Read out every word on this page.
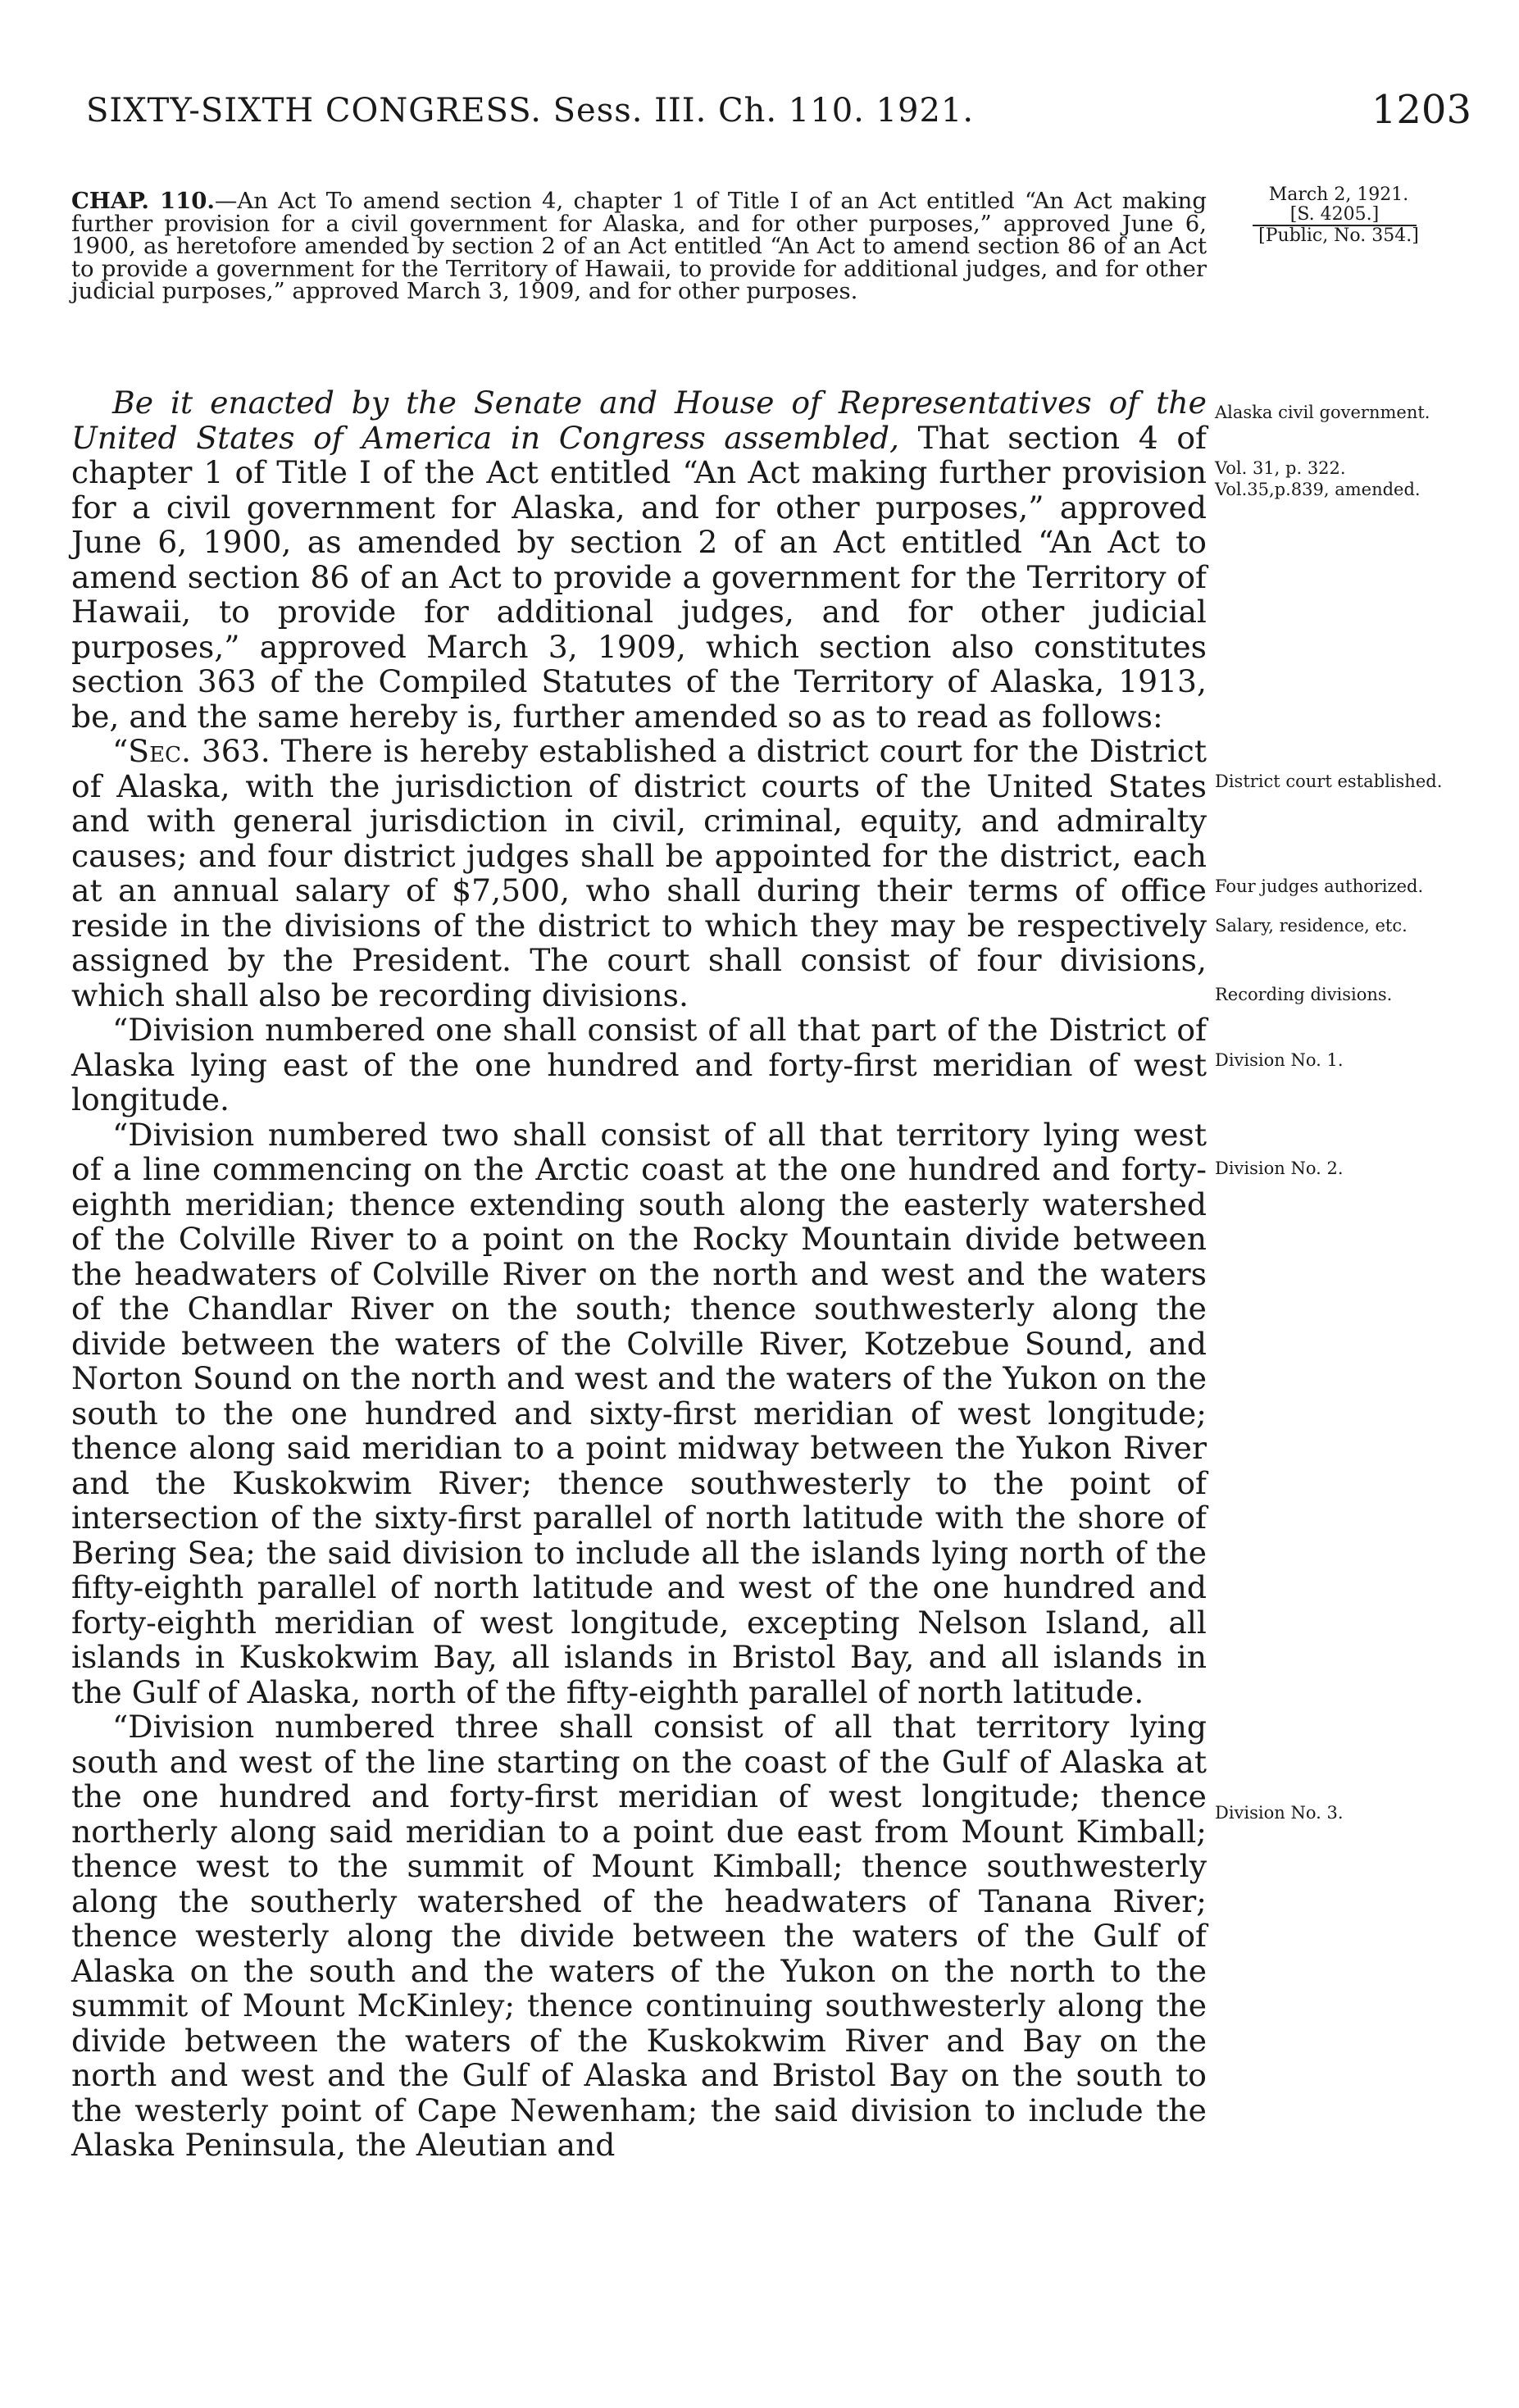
SIXTY-SIXTH CONGRESS. Sess. III. Ch. 110. 1921.	1203
CHAP. 110.—An Act To amend section 4, chapter 1 of Title I of an Act entitled “An Act making further provision for a civil government for Alaska, and for other purposes,” approved June 6, 1900, as heretofore amended by section 2 of an Act entitled “An Act to amend section 86 of an Act to provide a government for the Territory of Hawaii, to provide for additional judges, and for other judicial purposes,” approved March 3, 1909, and for other purposes.
March 2, 1921.
[S. 4205.]
[Public, No. 354.]

Be it enacted by the Senate and House of Representatives of the United States of America in Congress assembled, That section 4 of chapter 1 of Title I of the Act entitled “An Act making further provision for a civil government for Alaska, and for other purposes,” approved June 6, 1900, as amended by section 2 of an Act entitled “An Act to amend section 86 of an Act to provide a government for the Territory of Hawaii, to provide for additional judges, and for other judicial purposes,” approved March 3, 1909, which section also constitutes section 363 of the Compiled Statutes of the Territory of Alaska, 1913, be, and the same hereby is, further amended so as to read as follows:

“Sec. 363. There is hereby established a district court for the District of Alaska, with the jurisdiction of district courts of the United States and with general jurisdiction in civil, criminal, equity, and admiralty causes; and four district judges shall be appointed for the district, each at an annual salary of $7,500, who shall during their terms of office reside in the divisions of the district to which they may be respectively assigned by the President. The court shall consist of four divisions, which shall also be recording divisions.

“Division numbered one shall consist of all that part of the District of Alaska lying east of the one hundred and forty-first meridian of west longitude.

“Division numbered two shall consist of all that territory lying west of a line commencing on the Arctic coast at the one hundred and forty-eighth meridian; thence extending south along the easterly watershed of the Colville River to a point on the Rocky Mountain divide between the headwaters of Colville River on the north and west and the waters of the Chandlar River on the south; thence southwesterly along the divide between the waters of the Colville River, Kotzebue Sound, and Norton Sound on the north and west and the waters of the Yukon on the south to the one hundred and sixty-first meridian of west longitude; thence along said meridian to a point midway between the Yukon River and the Kuskokwim River; thence southwesterly to the point of intersection of the sixty-first parallel of north latitude with the shore of Bering Sea; the said division to include all the islands lying north of the fifty-eighth parallel of north latitude and west of the one hundred and forty-eighth meridian of west longitude, excepting Nelson Island, all islands in Kuskokwim Bay, all islands in Bristol Bay, and all islands in the Gulf of Alaska, north of the fifty-eighth parallel of north latitude.

“Division numbered three shall consist of all that territory lying south and west of the line starting on the coast of the Gulf of Alaska at the one hundred and forty-first meridian of west longitude; thence northerly along said meridian to a point due east from Mount Kimball; thence west to the summit of Mount Kimball; thence southwesterly along the southerly watershed of the headwaters of Tanana River; thence westerly along the divide between the waters of the Gulf of Alaska on the south and the waters of the Yukon on the north to the summit of Mount McKinley; thence continuing southwesterly along the divide between the waters of the Kuskokwim River and Bay on the north and west and the Gulf of Alaska and Bristol Bay on the south to the westerly point of Cape Newenham; the said division to include the Alaska Peninsula, the Aleutian and

Alaska civil government.
Vol. 31, p. 322.
Vol.35,p.839, amended.
District court established.
Four judges authorized.
Salary, residence, etc.
Recording divisions.
Division No. 1.
Division No. 2.
Division No. 3.
